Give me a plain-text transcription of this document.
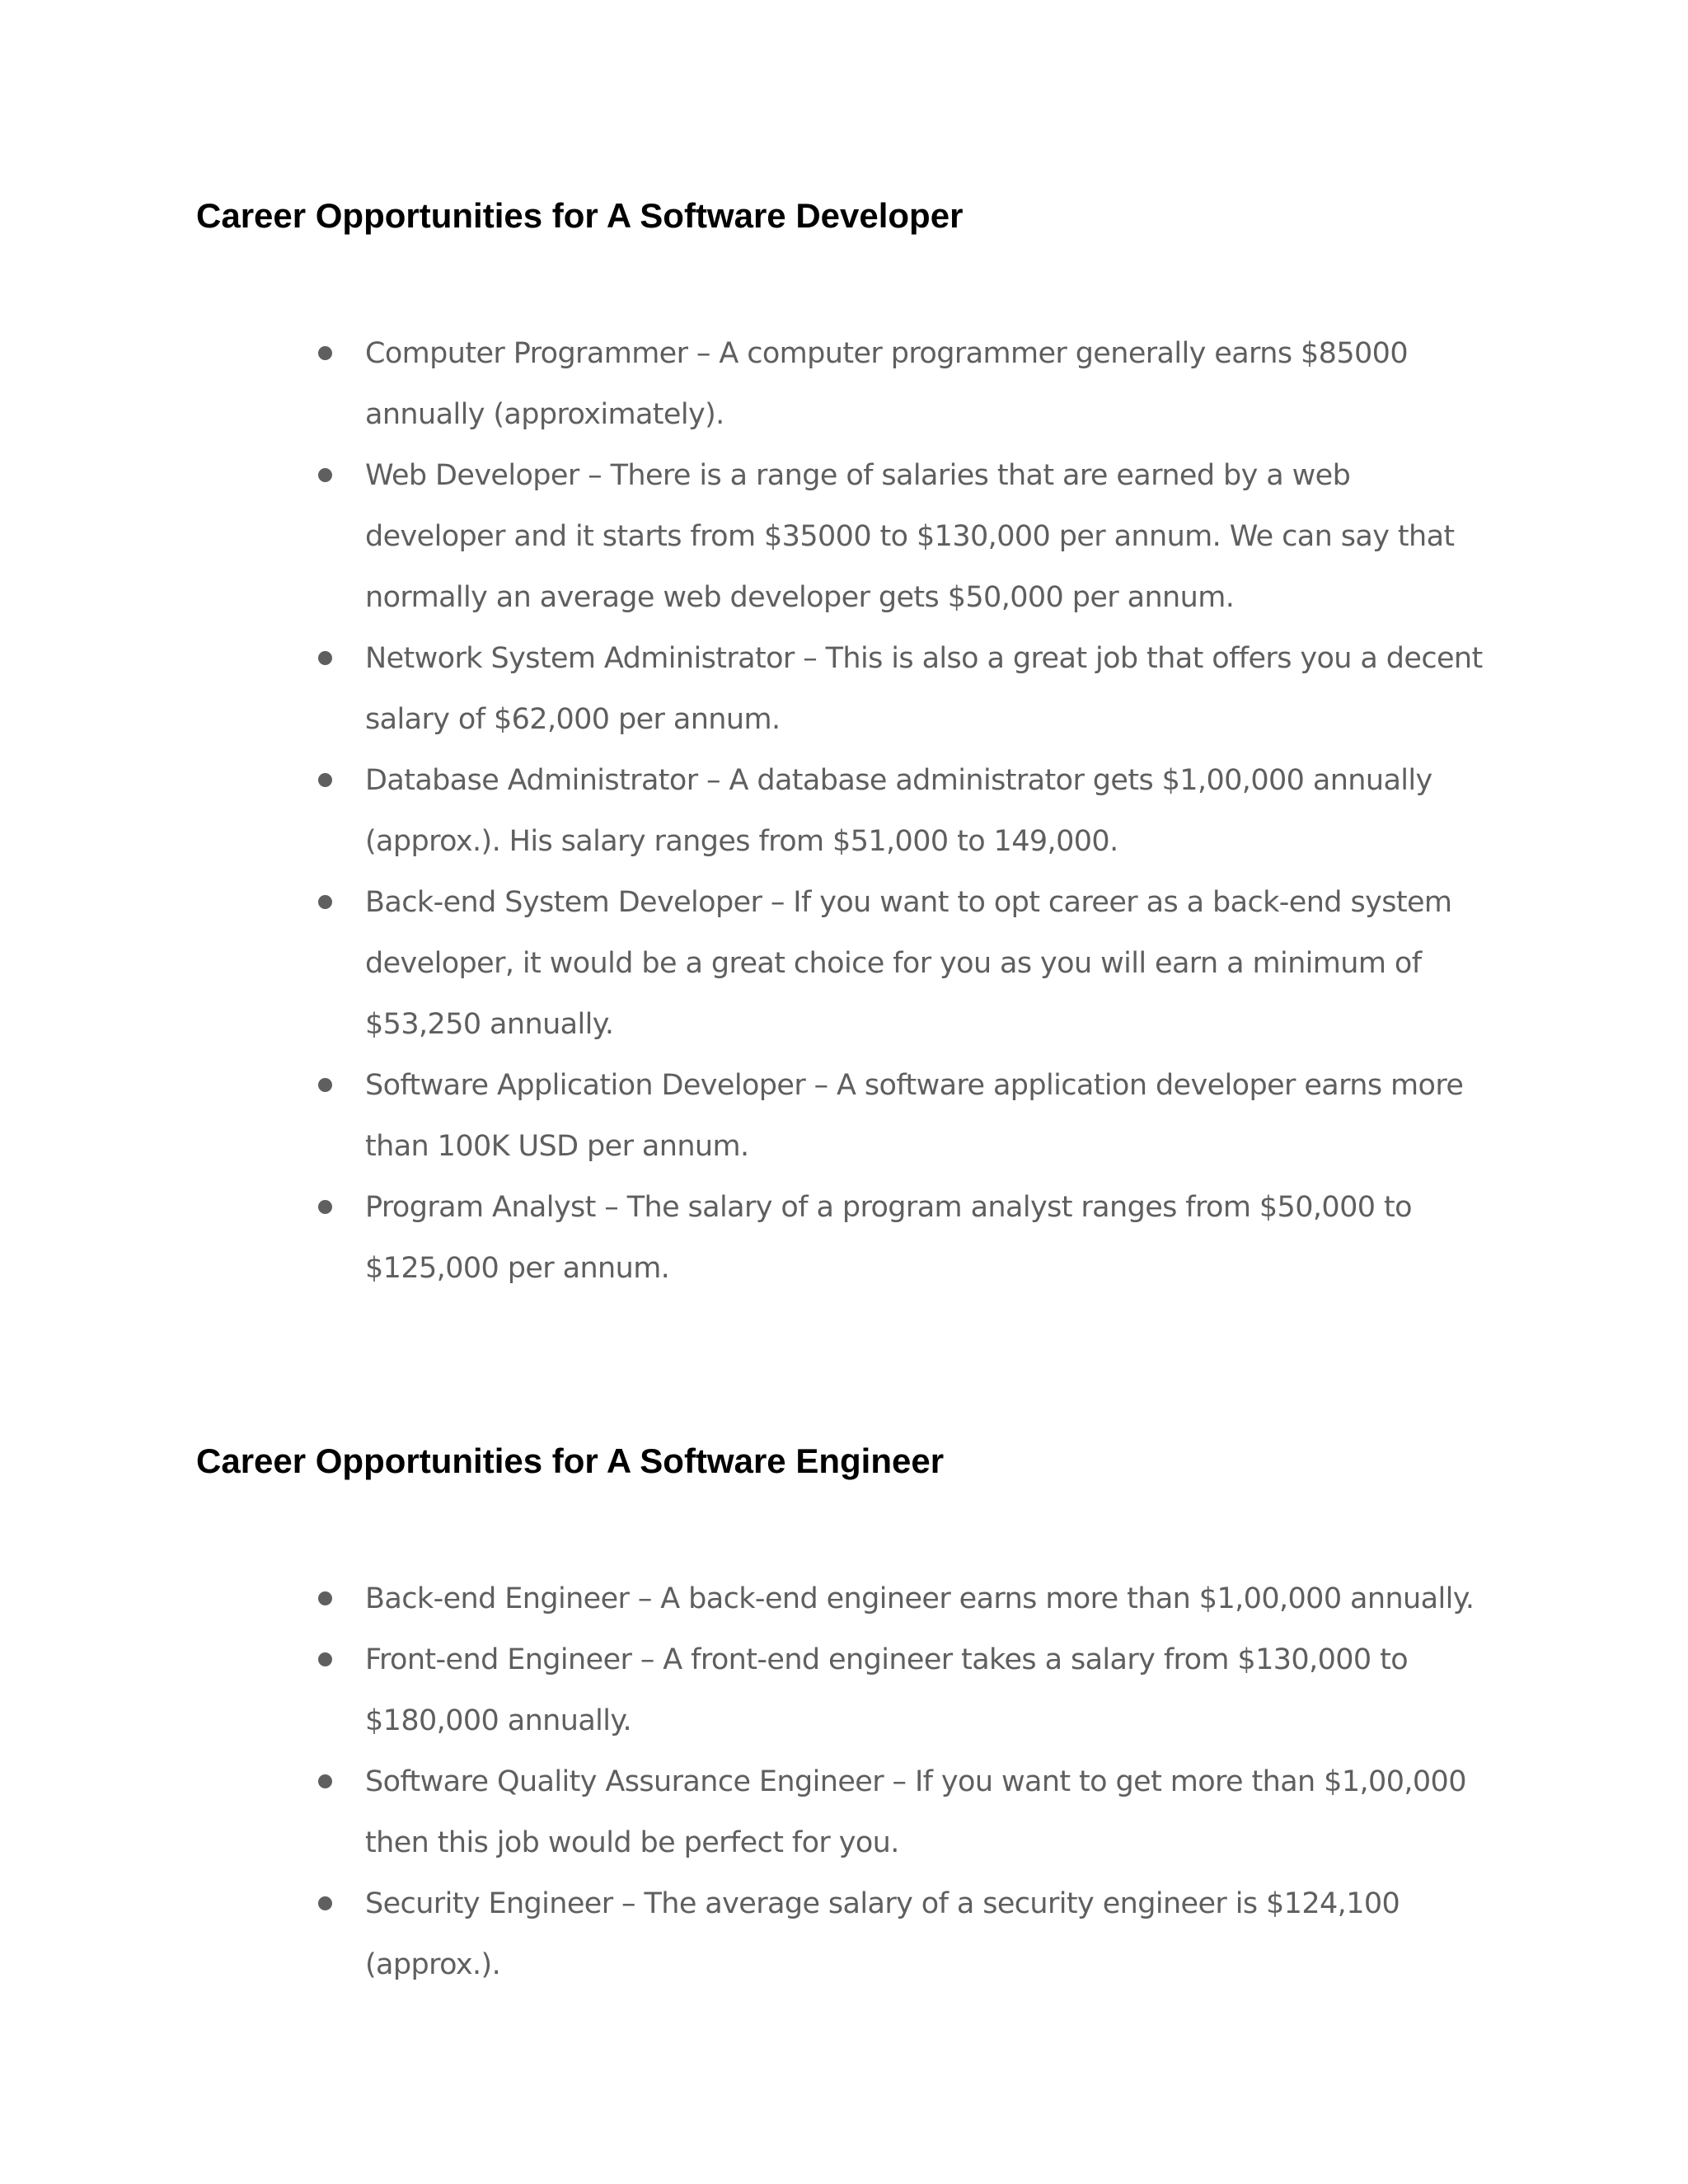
Career Opportunities for A Software Developer
Computer Programmer – A computer programmer generally earns $85000 annually (approximately).
Web Developer – There is a range of salaries that are earned by a web developer and it starts from $35000 to $130,000 per annum. We can say that normally an average web developer gets $50,000 per annum.
Network System Administrator – This is also a great job that offers you a decent salary of $62,000 per annum.
Database Administrator – A database administrator gets $1,00,000 annually (approx.). His salary ranges from $51,000 to 149,000.
Back-end System Developer – If you want to opt career as a back-end system developer, it would be a great choice for you as you will earn a minimum of $53,250 annually.
Software Application Developer – A software application developer earns more than 100K USD per annum.
Program Analyst – The salary of a program analyst ranges from $50,000 to $125,000 per annum.
Career Opportunities for A Software Engineer
Back-end Engineer – A back-end engineer earns more than $1,00,000 annually.
Front-end Engineer – A front-end engineer takes a salary from $130,000 to $180,000 annually.
Software Quality Assurance Engineer – If you want to get more than $1,00,000 then this job would be perfect for you.
Security Engineer – The average salary of a security engineer is $124,100 (approx.).
